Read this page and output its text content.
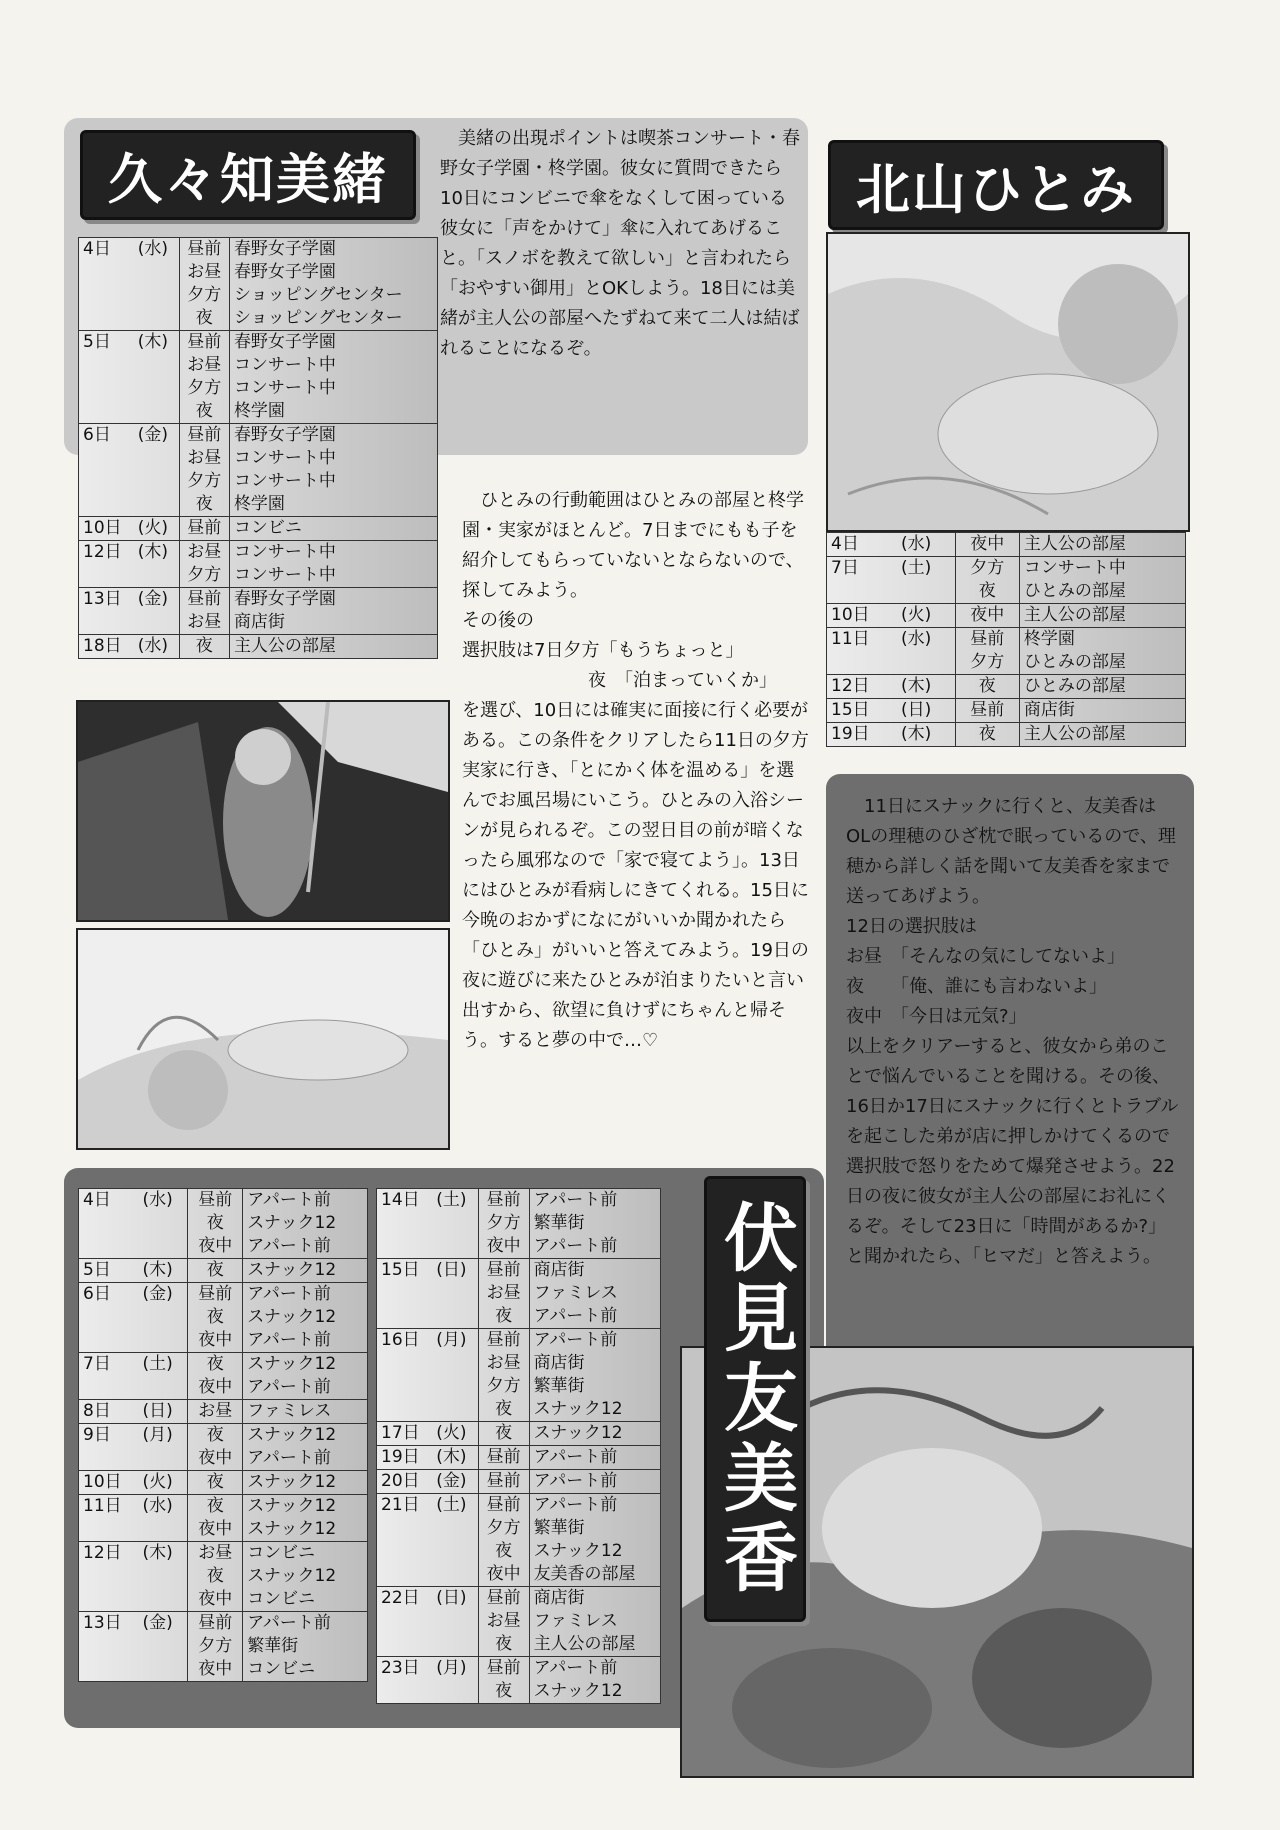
久々知美緒
美緒の出現ポイントは喫茶コンサート・春野女子学園・柊学園。彼女に質問できたら10日にコンビニで傘をなくして困っている彼女に「声をかけて」傘に入れてあげること。「スノボを教えて欲しい」と言われたら「おやすい御用」とOKしよう。18日には美緒が主人公の部屋へたずねて来て二人は結ばれることになるぞ。
4日	(水)	昼前	春野女子学園
		お昼	春野女子学園
		夕方	ショッピングセンター
		夜	ショッピングセンター
5日	(木)	昼前	春野女子学園
		お昼	コンサート中
		夕方	コンサート中
		夜	柊学園
6日	(金)	昼前	春野女子学園
		お昼	コンサート中
		夕方	コンサート中
		夜	柊学園
10日	(火)	昼前	コンビニ
12日	(木)	お昼	コンサート中
		夕方	コンサート中
13日	(金)	昼前	春野女子学園
		お昼	商店街
18日	(水)	夜	主人公の部屋
北山ひとみ

ひとみの行動範囲はひとみの部屋と柊学園・実家がほとんど。7日までにもも子を紹介してもらっていないとならないので、探してみよう。

その後の

選択肢は7日夕方「もうちょっと」

夜　「泊まっていくか」

を選び、10日には確実に面接に行く必要がある。この条件をクリアしたら11日の夕方実家に行き、「とにかく体を温める」を選んでお風呂場にいこう。ひとみの入浴シーンが見られるぞ。この翌日目の前が暗くなったら風邪なので「家で寝てよう」。13日にはひとみが看病しにきてくれる。15日に今晩のおかずになにがいいか聞かれたら「ひとみ」がいいと答えてみよう。19日の夜に遊びに来たひとみが泊まりたいと言い出すから、欲望に負けずにちゃんと帰そう。すると夢の中で…♡

4日	(水)	夜中	主人公の部屋
7日	(土)	夕方	コンサート中
		夜	ひとみの部屋
10日	(火)	夜中	主人公の部屋
11日	(水)	昼前	柊学園
		夕方	ひとみの部屋
12日	(木)	夜	ひとみの部屋
15日	(日)	昼前	商店街
19日	(木)	夜	主人公の部屋

11日にスナックに行くと、友美香はOLの理穂のひざ枕で眠っているので、理穂から詳しく話を聞いて友美香を家まで送ってあげよう。

12日の選択肢は

お昼　「そんなの気にしてないよ」

夜　　「俺、誰にも言わないよ」

夜中　「今日は元気?」

以上をクリアーすると、彼女から弟のことで悩んでいることを聞ける。その後、16日か17日にスナックに行くとトラブルを起こした弟が店に押しかけてくるので選択肢で怒りをためて爆発させよう。22日の夜に彼女が主人公の部屋にお礼にくるぞ。そして23日に「時間があるか?」と聞かれたら、「ヒマだ」と答えよう。

4日	(水)	昼前	アパート前
		夜	スナック12
		夜中	アパート前
5日	(木)	夜	スナック12
6日	(金)	昼前	アパート前
		夜	スナック12
		夜中	アパート前
7日	(土)	夜	スナック12
		夜中	アパート前
8日	(日)	お昼	ファミレス
9日	(月)	夜	スナック12
		夜中	アパート前
10日	(火)	夜	スナック12
11日	(水)	夜	スナック12
		夜中	スナック12
12日	(木)	お昼	コンビニ
		夜	スナック12
		夜中	コンビニ
13日	(金)	昼前	アパート前
		夕方	繁華街
		夜中	コンビニ
14日	(土)	昼前	アパート前
		夕方	繁華街
		夜中	アパート前
15日	(日)	昼前	商店街
		お昼	ファミレス
		夜	アパート前
16日	(月)	昼前	アパート前
		お昼	商店街
		夕方	繁華街
		夜	スナック12
17日	(火)	夜	スナック12
19日	(木)	昼前	アパート前
20日	(金)	昼前	アパート前
21日	(土)	昼前	アパート前
		夕方	繁華街
		夜	スナック12
		夜中	友美香の部屋
22日	(日)	昼前	商店街
		お昼	ファミレス
		夜	主人公の部屋
23日	(月)	昼前	アパート前
		夜	スナック12
伏見友美香
